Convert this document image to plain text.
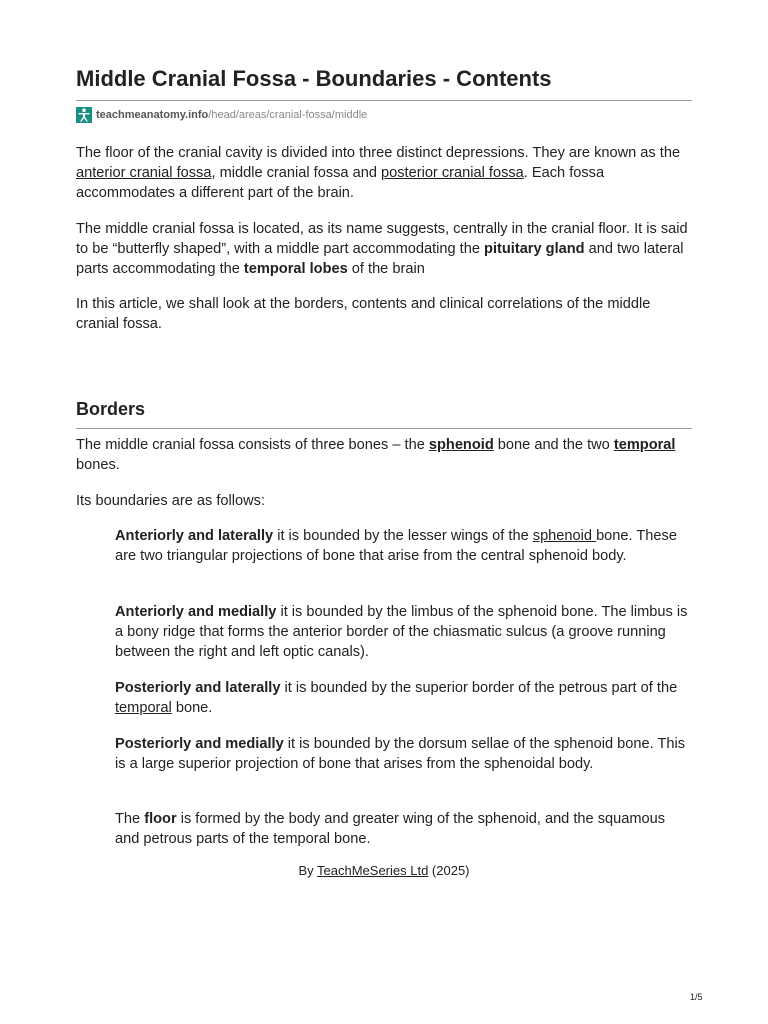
Middle Cranial Fossa - Boundaries - Contents
teachmeanatomy.info /head/areas/cranial-fossa/middle

The floor of the cranial cavity is divided into three distinct depressions. They are known as the anterior cranial fossa, middle cranial fossa and posterior cranial fossa. Each fossa accommodates a different part of the brain.

The middle cranial fossa is located, as its name suggests, centrally in the cranial floor. It is said to be “butterfly shaped”, with a middle part accommodating the pituitary gland and two lateral parts accommodating the temporal lobes of the brain

In this article, we shall look at the borders, contents and clinical correlations of the middle cranial fossa.

Borders

The middle cranial fossa consists of three bones – the sphenoid bone and the two temporal bones.

Its boundaries are as follows:

Anteriorly and laterally it is bounded by the lesser wings of the sphenoid bone. These are two triangular projections of bone that arise from the central sphenoid body.

Anteriorly and medially it is bounded by the limbus of the sphenoid bone. The limbus is a bony ridge that forms the anterior border of the chiasmatic sulcus (a groove running between the right and left optic canals).

Posteriorly and laterally it is bounded by the superior border of the petrous part of the temporal bone.

Posteriorly and medially it is bounded by the dorsum sellae of the sphenoid bone. This is a large superior projection of bone that arises from the sphenoidal body.

The floor is formed by the body and greater wing of the sphenoid, and the squamous and petrous parts of the temporal bone.

By TeachMeSeries Ltd (2025)
1/5
